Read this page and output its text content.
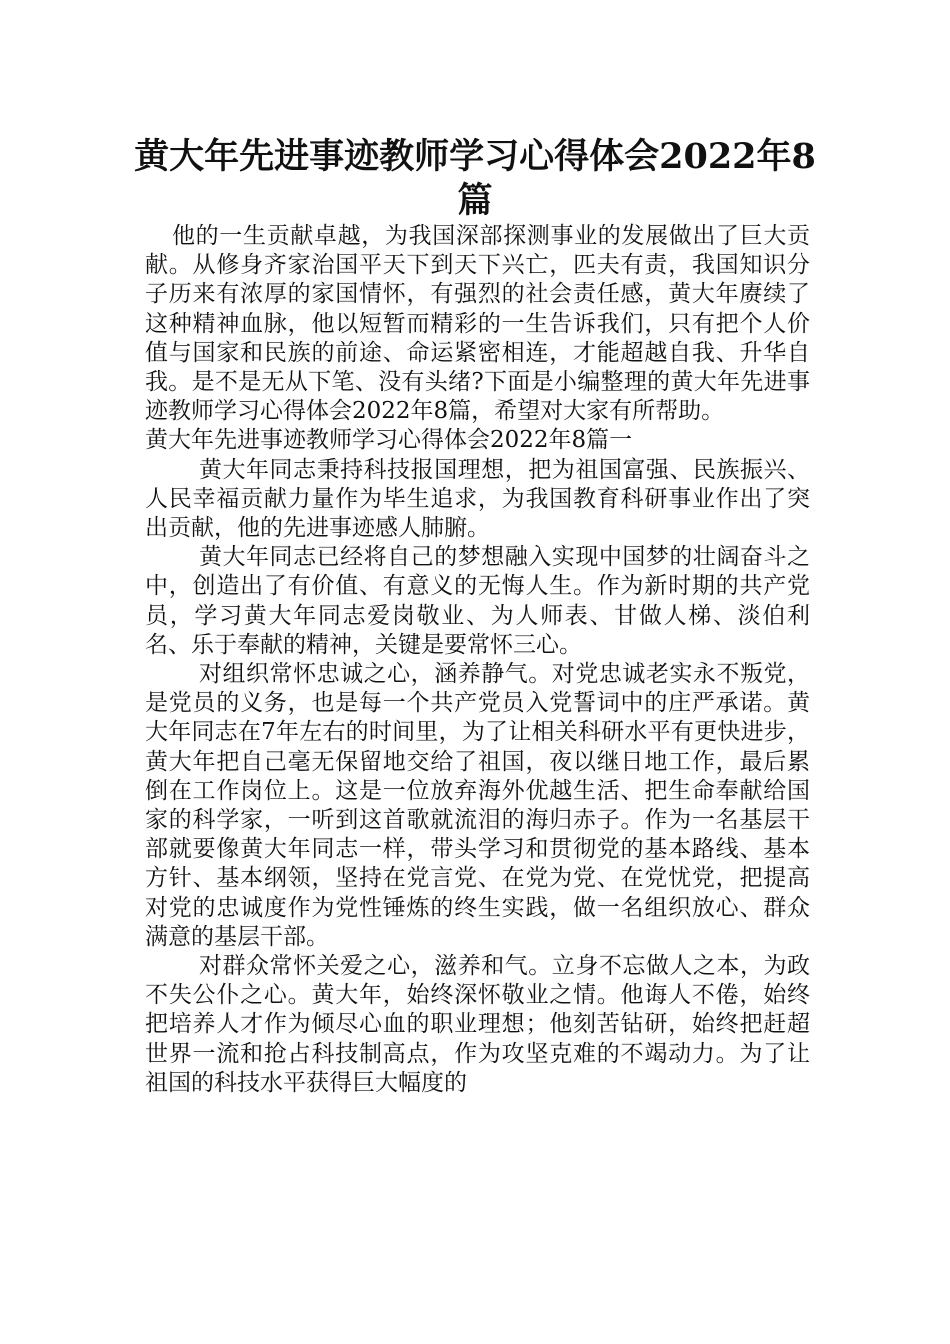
黄大年先进事迹教师学习心得体会2022年8篇

他的一生贡献卓越，为我国深部探测事业的发展做出了巨大贡献。从修身齐家治国平天下到天下兴亡，匹夫有责，我国知识分子历来有浓厚的家国情怀，有强烈的社会责任感，黄大年赓续了这种精神血脉，他以短暂而精彩的一生告诉我们，只有把个人价值与国家和民族的前途、命运紧密相连，才能超越自我、升华自我。是不是无从下笔、没有头绪?下面是小编整理的黄大年先进事迹教师学习心得体会2022年8篇，希望对大家有所帮助。

黄大年先进事迹教师学习心得体会2022年8篇一

黄大年同志秉持科技报国理想，把为祖国富强、民族振兴、人民幸福贡献力量作为毕生追求，为我国教育科研事业作出了突出贡献，他的先进事迹感人肺腑。

黄大年同志已经将自己的梦想融入实现中国梦的壮阔奋斗之中，创造出了有价值、有意义的无悔人生。作为新时期的共产党员，学习黄大年同志爱岗敬业、为人师表、甘做人梯、淡伯利名、乐于奉献的精神，关键是要常怀三心。

对组织常怀忠诚之心，涵养静气。对党忠诚老实永不叛党，是党员的义务，也是每一个共产党员入党誓词中的庄严承诺。黄大年同志在7年左右的时间里，为了让相关科研水平有更快进步，黄大年把自己毫无保留地交给了祖国，夜以继日地工作，最后累倒在工作岗位上。这是一位放弃海外优越生活、把生命奉献给国家的科学家，一听到这首歌就流泪的海归赤子。作为一名基层干部就要像黄大年同志一样，带头学习和贯彻党的基本路线、基本方针、基本纲领，坚持在党言党、在党为党、在党忧党，把提高对党的忠诚度作为党性锤炼的终生实践，做一名组织放心、群众满意的基层干部。

对群众常怀关爱之心，滋养和气。立身不忘做人之本，为政不失公仆之心。黄大年，始终深怀敬业之情。他诲人不倦，始终把培养人才作为倾尽心血的职业理想；他刻苦钻研，始终把赶超世界一流和抢占科技制高点，作为攻坚克难的不竭动力。为了让祖国的科技水平获得巨大幅度的
